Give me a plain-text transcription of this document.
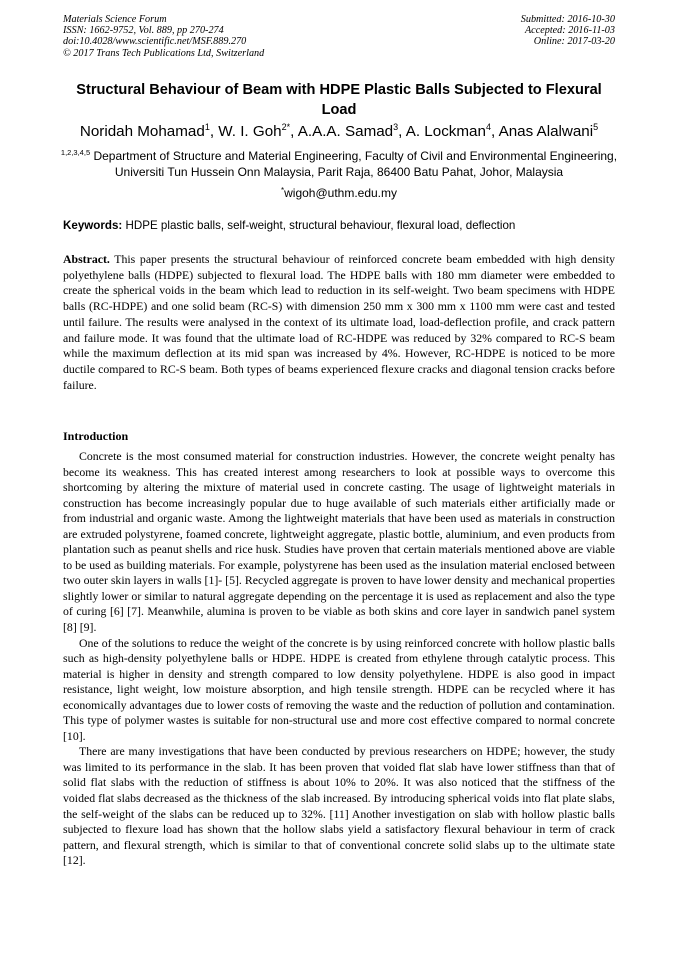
Materials Science Forum
ISSN: 1662-9752, Vol. 889, pp 270-274
doi:10.4028/www.scientific.net/MSF.889.270
© 2017 Trans Tech Publications Ltd, Switzerland
Submitted: 2016-10-30
Accepted: 2016-11-03
Online: 2017-03-20
Structural Behaviour of Beam with HDPE Plastic Balls Subjected to Flexural Load
Noridah Mohamad$^1$, W. I. Goh$^{2*}$, A.A.A. Samad$^3$, A. Lockman$^4$, Anas Alalwani$^5$
$^{1,2,3,4,5}$ Department of Structure and Material Engineering, Faculty of Civil and Environmental Engineering, Universiti Tun Hussein Onn Malaysia, Parit Raja, 86400 Batu Pahat, Johor, Malaysia
*wigoh@uthm.edu.my
Keywords: HDPE plastic balls, self-weight, structural behaviour, flexural load, deflection
Abstract. This paper presents the structural behaviour of reinforced concrete beam embedded with high density polyethylene balls (HDPE) subjected to flexural load. The HDPE balls with 180 mm diameter were embedded to create the spherical voids in the beam which lead to reduction in its self-weight. Two beam specimens with HDPE balls (RC-HDPE) and one solid beam (RC-S) with dimension 250 mm x 300 mm x 1100 mm were cast and tested until failure. The results were analysed in the context of its ultimate load, load-deflection profile, and crack pattern and failure mode. It was found that the ultimate load of RC-HDPE was reduced by 32% compared to RC-S beam while the maximum deflection at its mid span was increased by 4%. However, RC-HDPE is noticed to be more ductile compared to RC-S beam. Both types of beams experienced flexure cracks and diagonal tension cracks before failure.
Introduction

Concrete is the most consumed material for construction industries. However, the concrete weight penalty has become its weakness. This has created interest among researchers to look at possible ways to overcome this shortcoming by altering the mixture of material used in concrete casting. The usage of lightweight materials in construction has become increasingly popular due to huge available of such materials either artificially made or from industrial and organic waste. Among the lightweight materials that have been used as materials in construction are extruded polystyrene, foamed concrete, lightweight aggregate, plastic bottle, aluminium, and even products from plantation such as peanut shells and rice husk. Studies have proven that certain materials mentioned above are viable to be used as building materials. For example, polystyrene has been used as the insulation material enclosed between two outer skin layers in walls [1]- [5]. Recycled aggregate is proven to have lower density and mechanical properties slightly lower or similar to natural aggregate depending on the percentage it is used as replacement and also the type of curing [6] [7]. Meanwhile, alumina is proven to be viable as both skins and core layer in sandwich panel system [8] [9].

One of the solutions to reduce the weight of the concrete is by using reinforced concrete with hollow plastic balls such as high-density polyethylene balls or HDPE. HDPE is created from ethylene through catalytic process. This material is higher in density and strength compared to low density polyethylene. HDPE is also good in impact resistance, light weight, low moisture absorption, and high tensile strength. HDPE can be recycled where it has economically advantages due to lower costs of removing the waste and the reduction of pollution and contamination. This type of polymer wastes is suitable for non-structural use and more cost effective compared to normal concrete [10].

There are many investigations that have been conducted by previous researchers on HDPE; however, the study was limited to its performance in the slab. It has been proven that voided flat slab have lower stiffness than that of solid flat slabs with the reduction of stiffness is about 10% to 20%. It was also noticed that the stiffness of the voided flat slabs decreased as the thickness of the slab increased. By introducing spherical voids into flat plate slabs, the self-weight of the slabs can be reduced up to 32%. [11] Another investigation on slab with hollow plastic balls subjected to flexure load has shown that the hollow slabs yield a satisfactory flexural behaviour in term of crack pattern, and flexural strength, which is similar to that of conventional concrete solid slabs up to the ultimate state [12].
